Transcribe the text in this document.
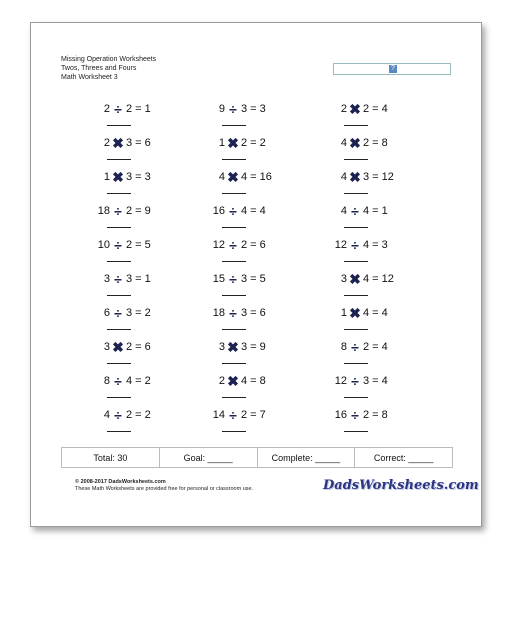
Missing Operation Worksheets
Twos, Threes and Fours
Math Worksheet 3
?
2 ÷ 2 = 1
2 ✖ 3 = 6
1 ✖ 3 = 3
18 ÷ 2 = 9
10 ÷ 2 = 5
3 ÷ 3 = 1
6 ÷ 3 = 2
3 ✖ 2 = 6
8 ÷ 4 = 2
4 ÷ 2 = 2
9 ÷ 3 = 3
1 ✖ 2 = 2
4 ✖ 4 = 16
16 ÷ 4 = 4
12 ÷ 2 = 6
15 ÷ 3 = 5
18 ÷ 3 = 6
3 ✖ 3 = 9
2 ✖ 4 = 8
14 ÷ 2 = 7
2 ✖ 2 = 4
4 ✖ 2 = 8
4 ✖ 3 = 12
4 ÷ 4 = 1
12 ÷ 4 = 3
3 ✖ 4 = 12
1 ✖ 4 = 4
8 ÷ 2 = 4
12 ÷ 3 = 4
16 ÷ 2 = 8
Total: 30	Goal: _____	Complete: _____	Correct: _____
© 2008-2017 DadsWorksheets.com
These Math Worksheets are provided free for personal or classroom use.	DadsWorksheets.com
